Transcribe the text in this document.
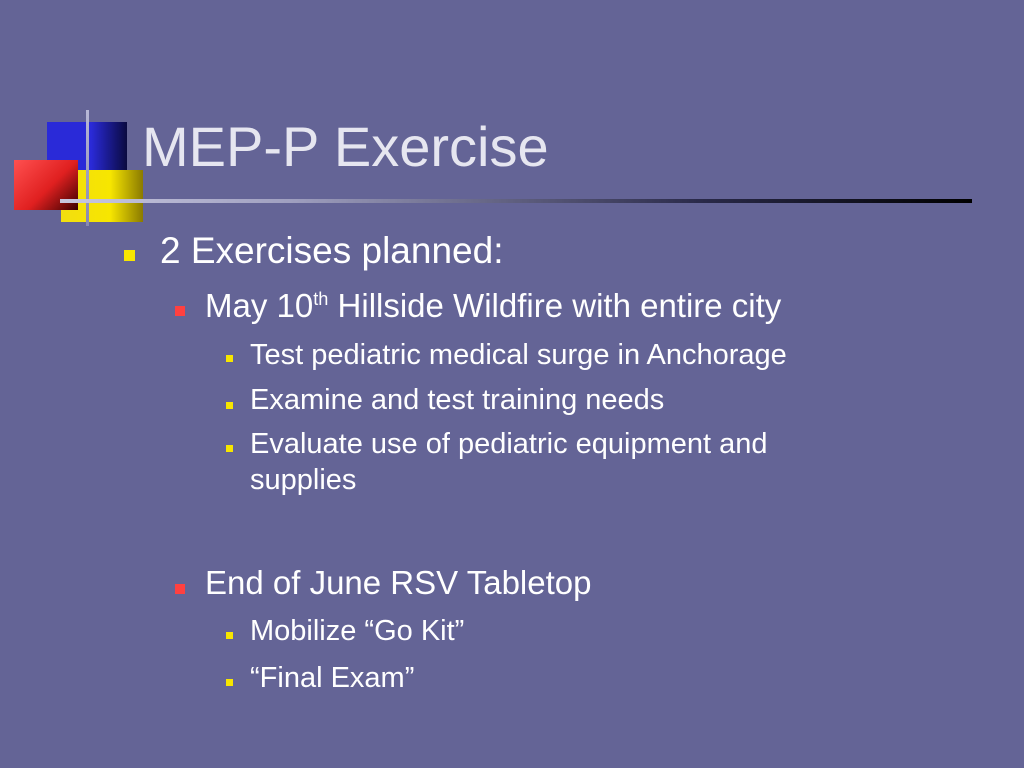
MEP-P Exercise
2 Exercises planned:
May 10th Hillside Wildfire with entire city
Test pediatric medical surge in Anchorage
Examine and test training needs
Evaluate use of pediatric equipment and
supplies
End of June RSV Tabletop
Mobilize “Go Kit”
“Final Exam”
